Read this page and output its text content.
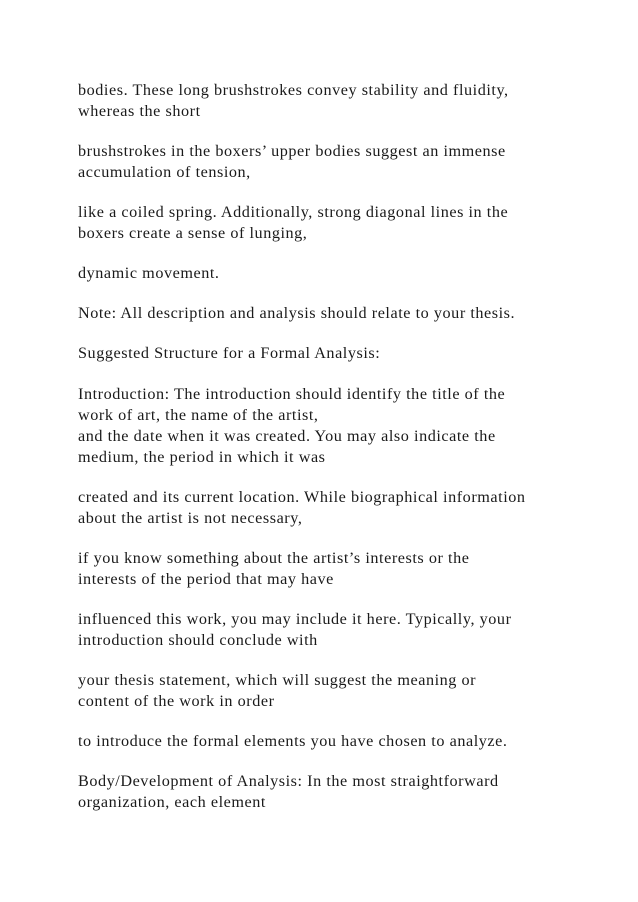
bodies. These long brushstrokes convey stability and fluidity,

whereas the short

brushstrokes in the boxers’ upper bodies suggest an immense

accumulation of tension,

like a coiled spring. Additionally, strong diagonal lines in the

boxers create a sense of lunging,

dynamic movement.

Note: All description and analysis should relate to your thesis.

Suggested Structure for a Formal Analysis:

Introduction: The introduction should identify the title of the

work of art, the name of the artist,

and the date when it was created. You may also indicate the

medium, the period in which it was

created and its current location. While biographical information

about the artist is not necessary,

if you know something about the artist’s interests or the

interests of the period that may have

influenced this work, you may include it here. Typically, your

introduction should conclude with

your thesis statement, which will suggest the meaning or

content of the work in order

to introduce the formal elements you have chosen to analyze.

Body/Development of Analysis: In the most straightforward

organization, each element
